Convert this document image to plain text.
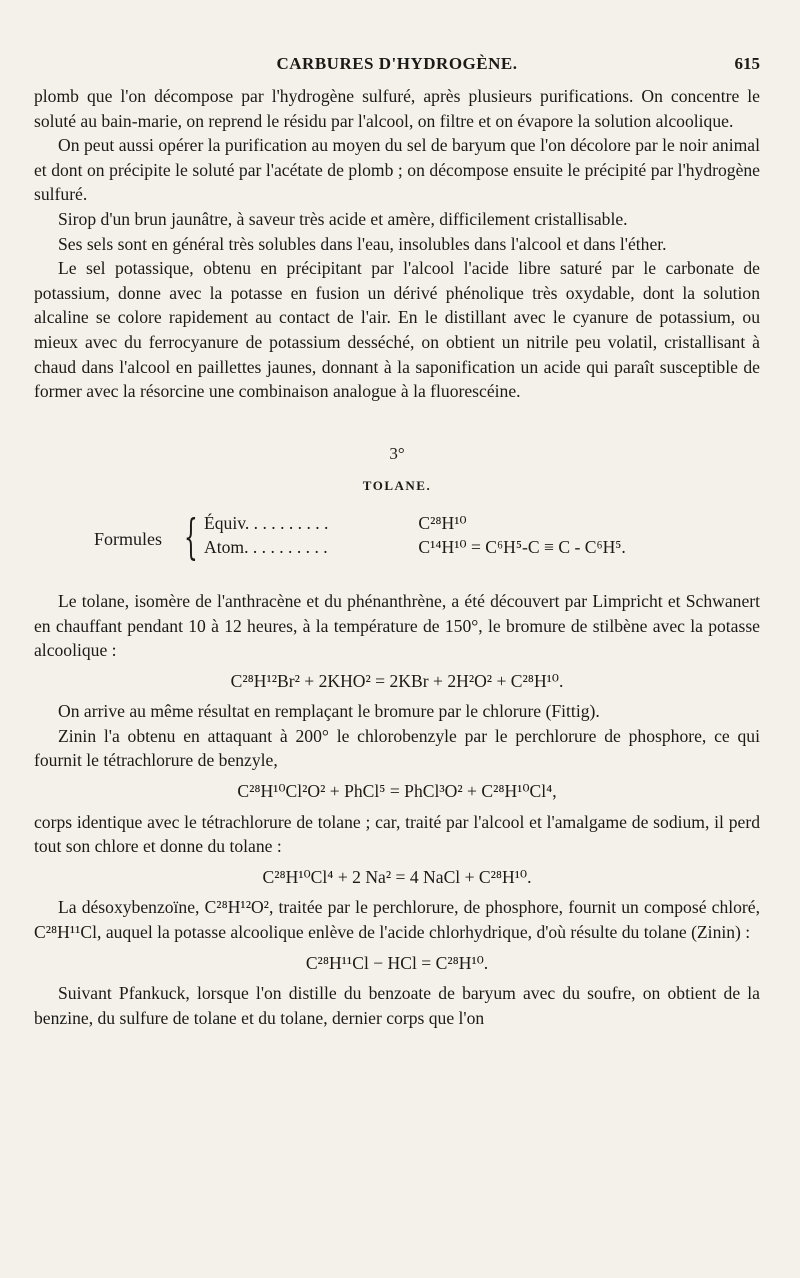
CARBURES D'HYDROGÈNE.	615

plomb que l'on décompose par l'hydrogène sulfuré, après plusieurs purifications. On concentre le soluté au bain-marie, on reprend le résidu par l'alcool, on filtre et on évapore la solution alcoolique.

On peut aussi opérer la purification au moyen du sel de baryum que l'on décolore par le noir animal et dont on précipite le soluté par l'acétate de plomb ; on décompose ensuite le précipité par l'hydrogène sulfuré.

Sirop d'un brun jaunâtre, à saveur très acide et amère, difficilement cristallisable.

Ses sels sont en général très solubles dans l'eau, insolubles dans l'alcool et dans l'éther.

Le sel potassique, obtenu en précipitant par l'alcool l'acide libre saturé par le carbonate de potassium, donne avec la potasse en fusion un dérivé phénolique très oxydable, dont la solution alcaline se colore rapidement au contact de l'air. En le distillant avec le cyanure de potassium, ou mieux avec du ferrocyanure de potassium desséché, on obtient un nitrile peu volatil, cristallisant à chaud dans l'alcool en paillettes jaunes, donnant à la saponification un acide qui paraît susceptible de former avec la résorcine une combinaison analogue à la fluorescéine.

3°
TOLANE.
Formules { Équiv. . . . . . . . . .	C²⁸H¹⁰
Atom. . . . . . . . . .	C¹⁴H¹⁰ = C⁶H⁵-C ≡ C - C⁶H⁵.

Le tolane, isomère de l'anthracène et du phénanthrène, a été découvert par Limpricht et Schwanert en chauffant pendant 10 à 12 heures, à la température de 150°, le bromure de stilbène avec la potasse alcoolique :

C²⁸H¹²Br² + 2KHO² = 2KBr + 2H²O² + C²⁸H¹⁰.

On arrive au même résultat en remplaçant le bromure par le chlorure (Fittig).

Zinin l'a obtenu en attaquant à 200° le chlorobenzyle par le perchlorure de phosphore, ce qui fournit le tétrachlorure de benzyle,

C²⁸H¹⁰Cl²O² + PhCl⁵ = PhCl³O² + C²⁸H¹⁰Cl⁴,

corps identique avec le tétrachlorure de tolane ; car, traité par l'alcool et l'amalgame de sodium, il perd tout son chlore et donne du tolane :

C²⁸H¹⁰Cl⁴ + 2 Na² = 4 NaCl + C²⁸H¹⁰.

La désoxybenzoïne, C²⁸H¹²O², traitée par le perchlorure, de phosphore, fournit un composé chloré, C²⁸H¹¹Cl, auquel la potasse alcoolique enlève de l'acide chlorhydrique, d'où résulte du tolane (Zinin) :

C²⁸H¹¹Cl − HCl = C²⁸H¹⁰.

Suivant Pfankuck, lorsque l'on distille du benzoate de baryum avec du soufre, on obtient de la benzine, du sulfure de tolane et du tolane, dernier corps que l'on
